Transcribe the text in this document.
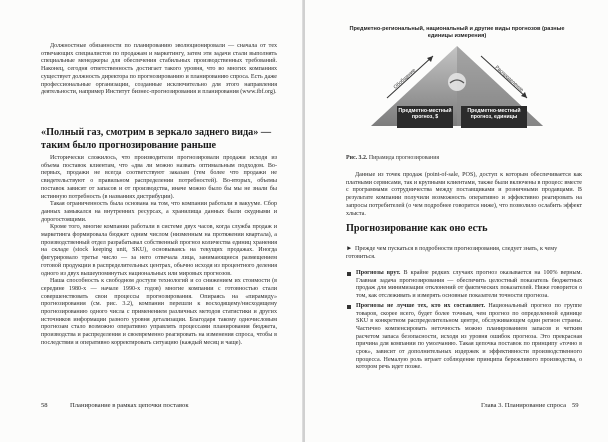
Должностные обязанности по планированию эволюционировали — сначала от тех отвечающих специалистов по продажам и маркетингу, затем эти задачи стали выполнять специальные менеджеры для обеспечения стабильных производственных требований. Наконец, сегодня ответственность достигает такого уровня, что во многих компаниях существует должность директора по прогнозированию и планированию спроса. Есть даже профессиональные организации, созданные исключительно для этого направления деятельности, например Институт бизнес-прогнозирования и планирования (www.ibf.org).

«Полный газ, смотрим в зеркало заднего вида» — таким было прогнозирование раньше

Исторически сложилось, что производители прогнозировали продажи исходя из объема поставок клиентам, что «два ли можно назвать оптимальным подходом. Во-первых, продажи не всегда соответствуют заказам (тем более что продажи не свидетельствуют о правильном распределении потребностей). Во-вторых, объемы поставок зависят от запасов и от производства, иначе можно было бы мы не знали бы истинную потребность (в названиях дистрибуции).

Такая ограниченность была основана на том, что компании работали в вакууме. Сбор данных замыкался на внутренних ресурсах, а хранилища данных были скудными и дорогостоящими.

Кроме того, многие компании работали в системе двух часов, когда служба продаж и маркетинга формировала бюджет одним числом (низменным на протяжении квартала), а производственный отдел разрабатывал собственный прогноз количества единиц хранения на складе (stock keeping unit, SKU), основываясь на текущих продажах. Иногда фигурировало третье число — за него отвечала лица, занимающиеся размещением готовой продукции в распределительных центрах, обычно исходя из процентного деления одного из двух вышеупомянутых национальных или мировых прогнозов.

Наша способность к свободном доступе технологий и со снижением их стоимости (в середине 1980-х — начале 1990-х годов) многие компании с готовностью стали совершенствовать свои процессы прогнозирования. Опираясь на «пирамиду» прогнозирования (см. рис. 3.2), компании перешли к восходящему/нисходящему прогнозированию одного числа с применением различных методов статистики и других источников информации разного уровня детализации. Благодаря такому одночисловым прогнозам стало возможно оперативно управлять процессами планирования бюджета, производства и распределения и своевременно реагировать на изменения спроса, чтобы в последствии и оперативно корректировать ситуацию (каждый месяц и чаще).

58	Планирование в рамках цепочки поставок
Предметно-региональный, национальный и другие виды прогнозов (разные единицы измерения)
Обобщение	Распределение
Предметно-местный прогноз, $
Предметно-местный прогноз, единицы
Рис. 3.2. Пирамида прогнозирования

Данные из точек продаж (point-of-sale, POS), доступ к которым обеспечивается как платными сервисами, так и крупными клиентами, также были включены в процесс вместе с программами сотрудничества между поставщиками и розничными продавцами. В результате компании получили возможность оперативно и эффективно реагировать на запросы потребителей (о чем подробнее говорится ниже), что позволило ослабить эффект хлыста.

Прогнозирование как оно есть
► Прежде чем пускаться в подробности прогнозирования, следует знать, к чему готовиться.
Прогнозы врут. В крайне редких случаях прогноз оказывается на 100% верным. Главная задача прогнозирования — обеспечить целостный показатель бюджетных продаж для минимизации отклонений от фактических показателей. Ниже говорится о том, как отслеживать и измерять основные показатели точности прогноза.
Прогнозы не лучше тех, кто их составляет. Национальный прогноз по группе товаров, скорее всего, будет более точным, чем прогноз по определенной единице SKU в конкретном распределительном центре, обслуживающем один регион страны. Частично компенсировать неточность можно планированием запасов и четким расчетом запаса безопасности, исходя из уровня ошибок прогноза. Это прекрасная причина для компании по умолчанию. Такая цепочка поставок по принципу «точно в срок», зависит от дополнительных издержек и эффективности производственного процесса. Немалую роль играет соблюдение принципа бережливого производства, о котором речь идет позже.
Глава 3. Планирование спроса 59
